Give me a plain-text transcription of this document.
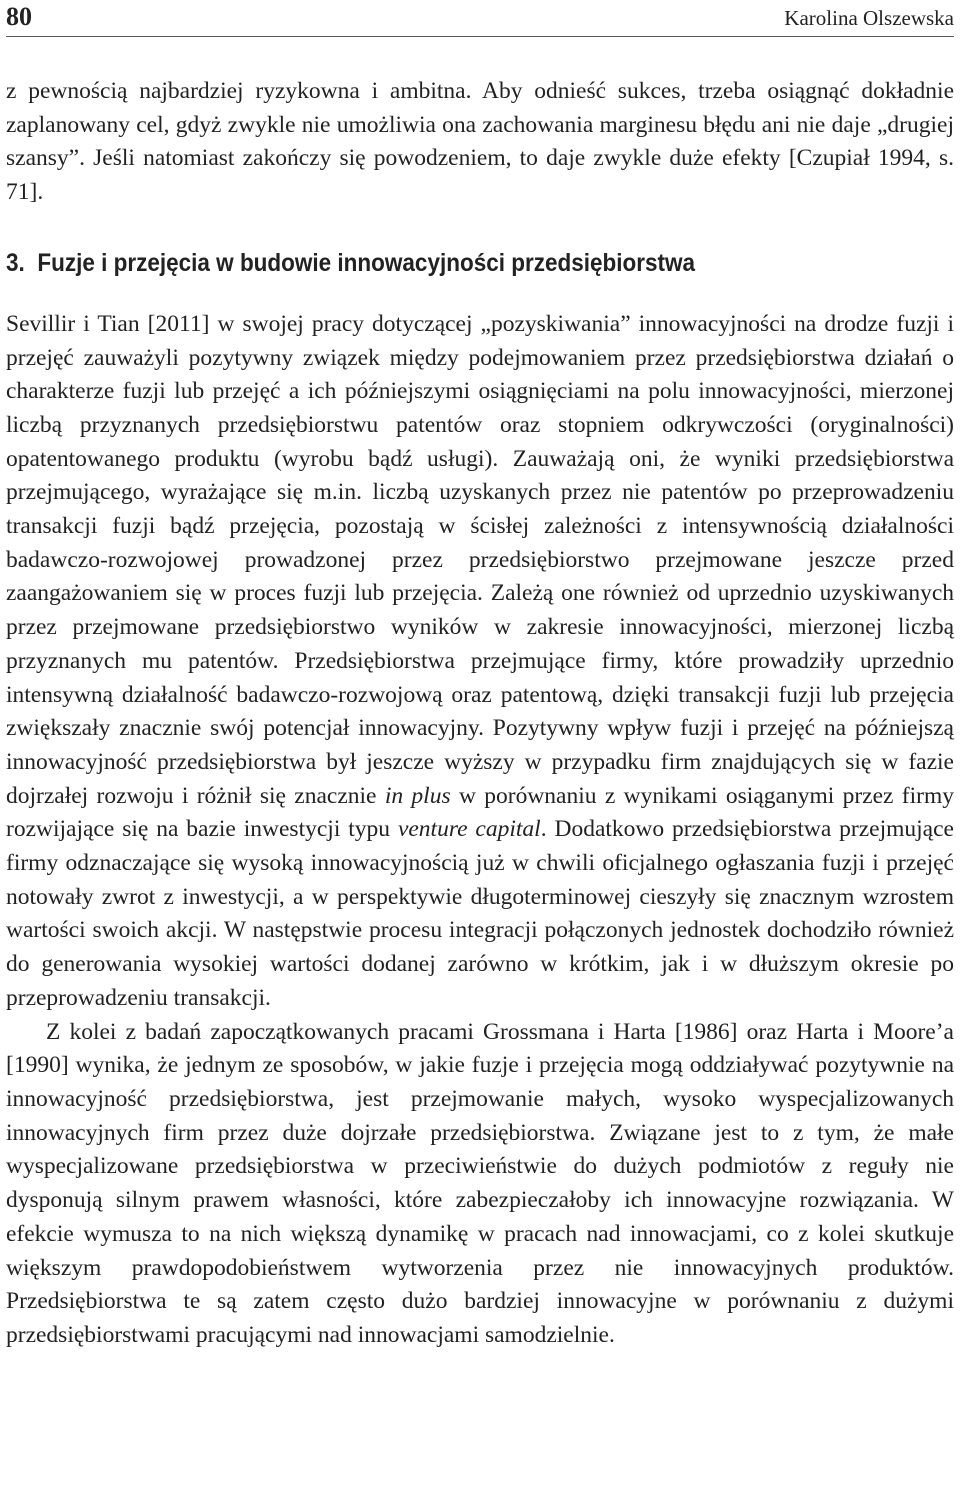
80	Karolina Olszewska

z pewnością najbardziej ryzykowna i ambitna. Aby odnieść sukces, trzeba osiągnąć dokładnie zaplanowany cel, gdyż zwykle nie umożliwia ona zachowania marginesu błędu ani nie daje „drugiej szansy”. Jeśli natomiast zakończy się powodzeniem, to daje zwykle duże efekty [Czupiał 1994, s. 71].

3. Fuzje i przejęcia w budowie innowacyjności przedsiębiorstwa

Sevillir i Tian [2011] w swojej pracy dotyczącej „pozyskiwania” innowacyjności na drodze fuzji i przejęć zauważyli pozytywny związek między podejmowaniem przez przedsiębiorstwa działań o charakterze fuzji lub przejęć a ich późniejszymi osiągnięciami na polu innowacyjności, mierzonej liczbą przyznanych przedsiębiorstwu patentów oraz stopniem odkrywczości (oryginalności) opatentowanego produktu (wyrobu bądź usługi). Zauważają oni, że wyniki przedsiębiorstwa przejmującego, wyrażające się m.in. liczbą uzyskanych przez nie patentów po przeprowadzeniu transakcji fuzji bądź przejęcia, pozostają w ścisłej zależności z intensywnością działalności badawczo-rozwojowej prowadzonej przez przedsiębiorstwo przejmowane jeszcze przed zaangażowaniem się w proces fuzji lub przejęcia. Zależą one również od uprzednio uzyskiwanych przez przejmowane przedsiębiorstwo wyników w zakresie innowacyjności, mierzonej liczbą przyznanych mu patentów. Przedsiębiorstwa przejmujące firmy, które prowadziły uprzednio intensywną działalność badawczo-rozwojową oraz patentową, dzięki transakcji fuzji lub przejęcia zwiększały znacznie swój potencjał innowacyjny. Pozytywny wpływ fuzji i przejęć na późniejszą innowacyjność przedsiębiorstwa był jeszcze wyższy w przypadku firm znajdujących się w fazie dojrzałej rozwoju i różnił się znacznie in plus w porównaniu z wynikami osiąganymi przez firmy rozwijające się na bazie inwestycji typu venture capital. Dodatkowo przedsiębiorstwa przejmujące firmy odznaczające się wysoką innowacyjnością już w chwili oficjalnego ogłaszania fuzji i przejęć notowały zwrot z inwestycji, a w perspektywie długoterminowej cieszyły się znacznym wzrostem wartości swoich akcji. W następstwie procesu integracji połączonych jednostek dochodziło również do generowania wysokiej wartości dodanej zarówno w krótkim, jak i w dłuższym okresie po przeprowadzeniu transakcji.

Z kolei z badań zapoczątkowanych pracami Grossmana i Harta [1986] oraz Harta i Moore’a [1990] wynika, że jednym ze sposobów, w jakie fuzje i przejęcia mogą oddziaływać pozytywnie na innowacyjność przedsiębiorstwa, jest przejmowanie małych, wysoko wyspecjalizowanych innowacyjnych firm przez duże dojrzałe przedsiębiorstwa. Związane jest to z tym, że małe wyspecjalizowane przedsiębiorstwa w przeciwieństwie do dużych podmiotów z reguły nie dysponują silnym prawem własności, które zabezpieczałoby ich innowacyjne rozwiązania. W efekcie wymusza to na nich większą dynamikę w pracach nad innowacjami, co z kolei skutkuje większym prawdopodobieństwem wytworzenia przez nie innowacyjnych produktów. Przedsiębiorstwa te są zatem często dużo bardziej innowacyjne w porównaniu z dużymi przedsiębiorstwami pracującymi nad innowacjami samodzielnie.
